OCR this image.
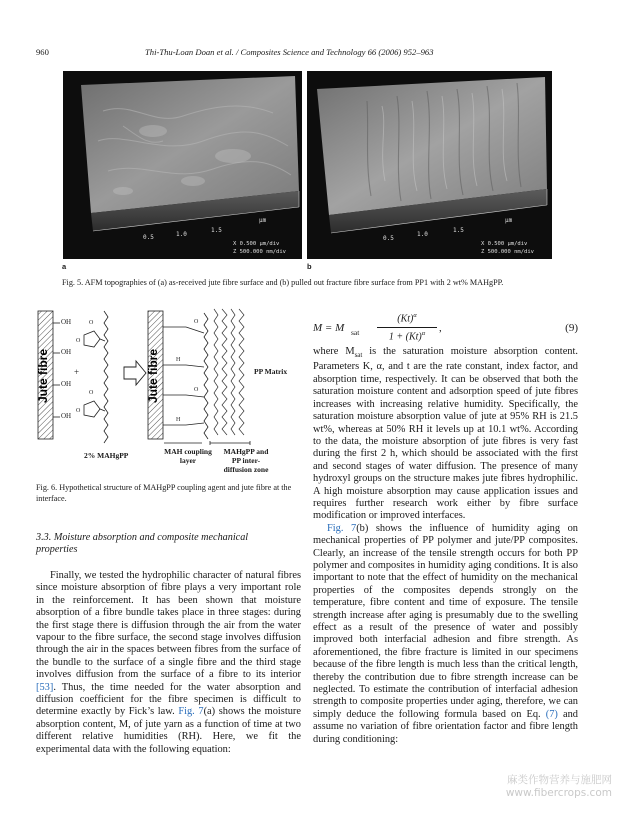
960	Thi-Thu-Loan Doan et al. / Composites Science and Technology 66 (2006) 952–963
0.5	1.0
1.5
μm
X 0.500 μm/div
Z 500.000 nm/div
0.5
1.0
1.5
μm
X 0.500 μm/div
Z 500.000 nm/div
a	b
Fig. 5. AFM topographies of (a) as-received jute fibre surface and (b) pulled out fracture fibre surface from PP1 with 2 wt% MAHgPP.
Jute fibre	Jute fibre
OH
OH
OH
OH
+
O
O
O
O
H
H
O
O
PP Matrix
2% MAHgPP	MAH coupling
layer
MAHgPP and
PP inter-
diffusion zone
Fig. 6. Hypothetical structure of MAHgPP coupling agent and jute fibre at the interface.
3.3. Moisture absorption and composite mechanical
properties

Finally, we tested the hydrophilic character of natural fibres since moisture absorption of fibre plays a very important role in the reinforcement. It has been shown that moisture absorption of a fibre bundle takes place in three stages: during the first stage there is diffusion through the air from the water vapour to the fibre surface, the second stage involves diffusion through the air in the spaces between fibres from the surface of the bundle to the surface of a single fibre and the third stage involves diffusion from the surface of a fibre to its interior [53]. Thus, the time needed for the water absorption and diffusion coefficient for the fibre specimen is difficult to determine exactly by Fick’s law. Fig. 7(a) shows the moisture absorption content, M, of jute yarn as a function of time at two different relative humidities (RH). Here, we fit the experimental data with the following equation:

M = M sat
$(Kt)^\alpha$
$1 + (Kt)^\alpha$	,	(9)

where $M_{sat}$ is the saturation moisture absorption content. Parameters K, α, and t are the rate constant, index factor, and absorption time, respectively. It can be observed that both the saturation moisture content and adsorption speed of jute fibres increases with increasing relative humidity. Specifically, the saturation moisture absorption value of jute at 95% RH is 21.5 wt%, whereas at 50% RH it levels up at 10.1 wt%. According to the data, the moisture absorption of jute fibres is very fast during the first 2 h, which should be associated with the first and second stages of water diffusion. The presence of many hydroxyl groups on the structure makes jute fibres hydrophilic. A high moisture absorption may cause application issues and requires further research work either by fibre surface modification or improved interfaces.

Fig. 7(b) shows the influence of humidity aging on mechanical properties of PP polymer and jute/PP composites. Clearly, an increase of the tensile strength occurs for both PP polymer and composites in humidity aging conditions. It is also important to note that the effect of humidity on the mechanical properties of the composites depends strongly on the temperature, fibre content and time of exposure. The tensile strength increase after aging is presumably due to the swelling effect as a result of the presence of water and possibly improved both interfacial adhesion and fibre strength. As aforementioned, the fibre fracture is limited in our specimens because of the fibre length is much less than the critical length, thereby the contribution due to fibre strength increase can be neglected. To estimate the contribution of interfacial adhesion strength to composite properties under aging, therefore, we can simply deduce the following formula based on Eq. (7) and assume no variation of fibre orientation factor and fibre length during conditioning:

麻类作物营养与施肥网
www.fibercrops.com
